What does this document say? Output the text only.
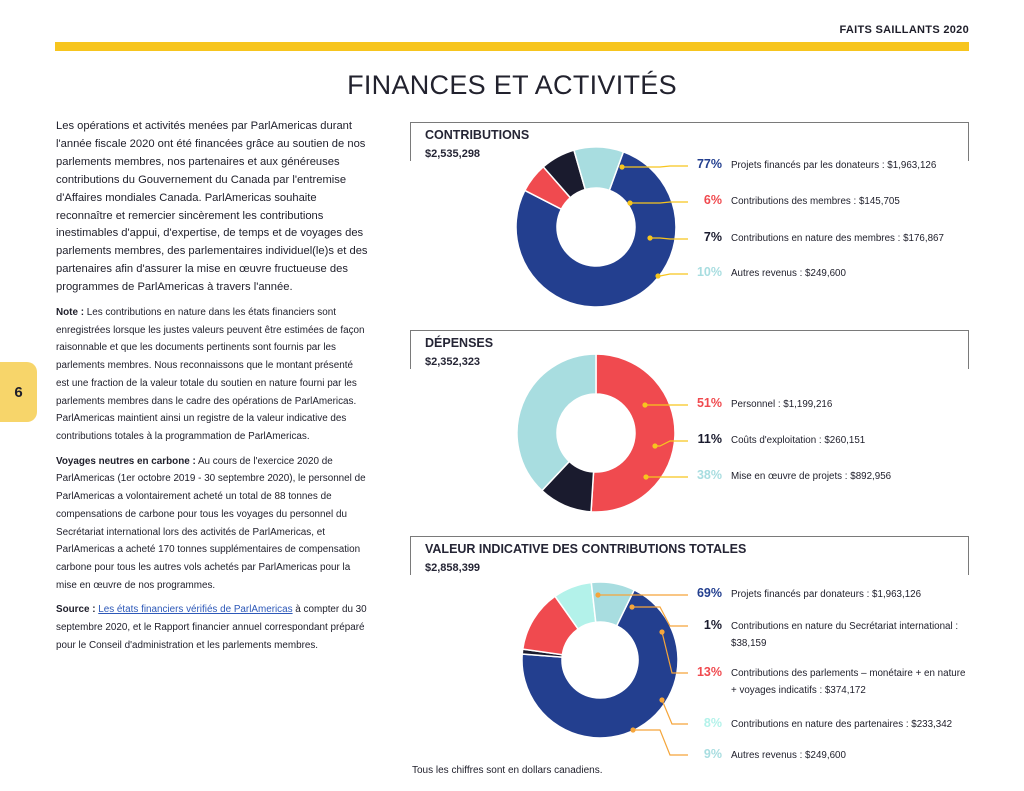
FAITS SAILLANTS 2020
FINANCES ET ACTIVITÉS
6

Les opérations et activités menées par ParlAmericas durant l'année fiscale 2020 ont été financées grâce au soutien de nos parlements membres, nos partenaires et aux généreuses contributions du Gouvernement du Canada par l'entremise d'Affaires mondiales Canada. ParlAmericas souhaite reconnaître et remercier sincèrement les contributions inestimables d'appui, d'expertise, de temps et de voyages des parlements membres, des parlementaires individuel(le)s et des partenaires afin d'assurer la mise en œuvre fructueuse des programmes de ParlAmericas à travers l'année.

Note : Les contributions en nature dans les états financiers sont enregistrées lorsque les justes valeurs peuvent être estimées de façon raisonnable et que les documents pertinents sont fournis par les parlements membres. Nous reconnaissons que le montant présenté est une fraction de la valeur totale du soutien en nature fourni par les parlements membres dans le cadre des opérations de ParlAmericas. ParlAmericas maintient ainsi un registre de la valeur indicative des contributions totales à la programmation de ParlAmericas.

Voyages neutres en carbone : Au cours de l'exercice 2020 de ParlAmericas (1er octobre 2019 - 30 septembre 2020), le personnel de ParlAmericas a volontairement acheté un total de 88 tonnes de compensations de carbone pour tous les voyages du personnel du Secrétariat international lors des activités de ParlAmericas, et ParlAmericas a acheté 170 tonnes supplémentaires de compensation carbone pour tous les autres vols achetés par ParlAmericas pour la mise en œuvre de nos programmes.

Source : Les états financiers vérifiés de ParlAmericas à compter du 30 septembre 2020, et le Rapport financier annuel correspondant préparé pour le Conseil d'administration et les parlements membres.

CONTRIBUTIONS
$2,535,298
DÉPENSES
$2,352,323
VALEUR INDICATIVE DES CONTRIBUTIONS TOTALES
$2,858,399
77% Projets financés par les donateurs : $1,963,126
6% Contributions des membres : $145,705
7% Contributions en nature des membres : $176,867
10% Autres revenus : $249,600
51% Personnel : $1,199,216
11% Coûts d'exploitation : $260,151
38% Mise en œuvre de projets : $892,956
69% Projets financés par donateurs : $1,963,126
1% Contributions en nature du Secrétariat international : $38,159
13% Contributions des parlements – monétaire + en nature + voyages indicatifs : $374,172
8% Contributions en nature des partenaires : $233,342
9% Autres revenus : $249,600
Tous les chiffres sont en dollars canadiens.
